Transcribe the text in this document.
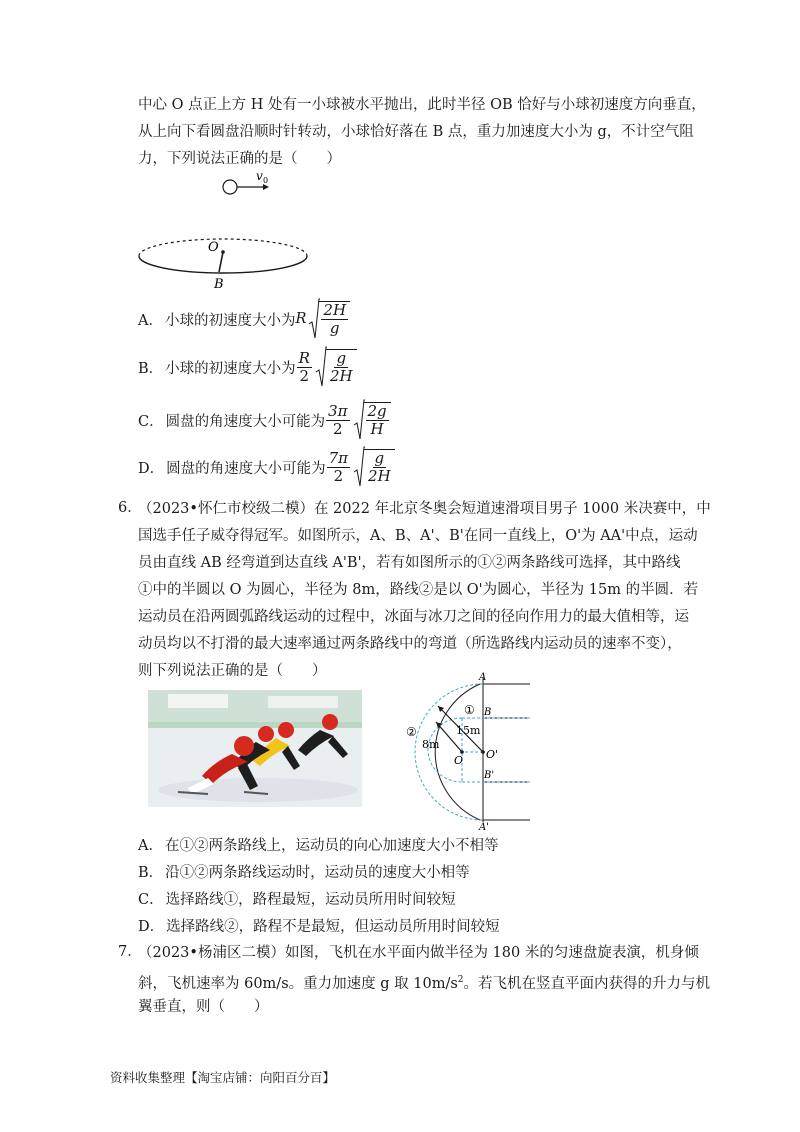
中心 O 点正上方 H 处有一小球被水平抛出，此时半径 OB 恰好与小球初速度方向垂直，
从上向下看圆盘沿顺时针转动，小球恰好落在 B 点，重力加速度大小为 g，不计空气阻
力，下列说法正确的是（　　）
v 0
O
B
A． 小球的初速度大小为 R $\frac{2H}{g}$
B． 小球的初速度大小为 $\frac{R}{2} \frac{g}{2H}$
C． 圆盘的角速度大小可能为 $\frac{3\pi}{2} \frac{2g}{H}$
D． 圆盘的角速度大小可能为 $\frac{7\pi}{2} \frac{g}{2H}$
6．
（2023•怀仁市校级二模）在 2022 年北京冬奥会短道速滑项目男子 1000 米决赛中，中
国选手任子威夺得冠军。如图所示，A、B、A'、B'在同一直线上，O'为 AA'中点，运动
员由直线 AB 经弯道到达直线 A'B'，若有如图所示的①②两条路线可选择，其中路线
①中的半圆以 O 为圆心，半径为 8m，路线②是以 O'为圆心，半径为 15m 的半圆．若
运动员在沿两圆弧路线运动的过程中，冰面与冰刀之间的径向作用力的最大值相等，运
动员均以不打滑的最大速率通过两条路线中的弯道（所选路线内运动员的速率不变），
则下列说法正确的是（　　）	A
B
B'
A'
O O'
8m
15m
①
②
A． 在①②两条路线上，运动员的向心加速度大小不相等
B． 沿①②两条路线运动时，运动员的速度大小相等
C． 选择路线①，路程最短，运动员所用时间较短
D． 选择路线②，路程不是最短，但运动员所用时间较短
7．
（2023•杨浦区二模）如图，飞机在水平面内做半径为 180 米的匀速盘旋表演，机身倾
斜，飞机速率为 60m/s。重力加速度 g 取 $10m/s^2$。若飞机在竖直平面内获得的升力与机
翼垂直，则（　　）
资料收集整理【淘宝店铺：向阳百分百】
